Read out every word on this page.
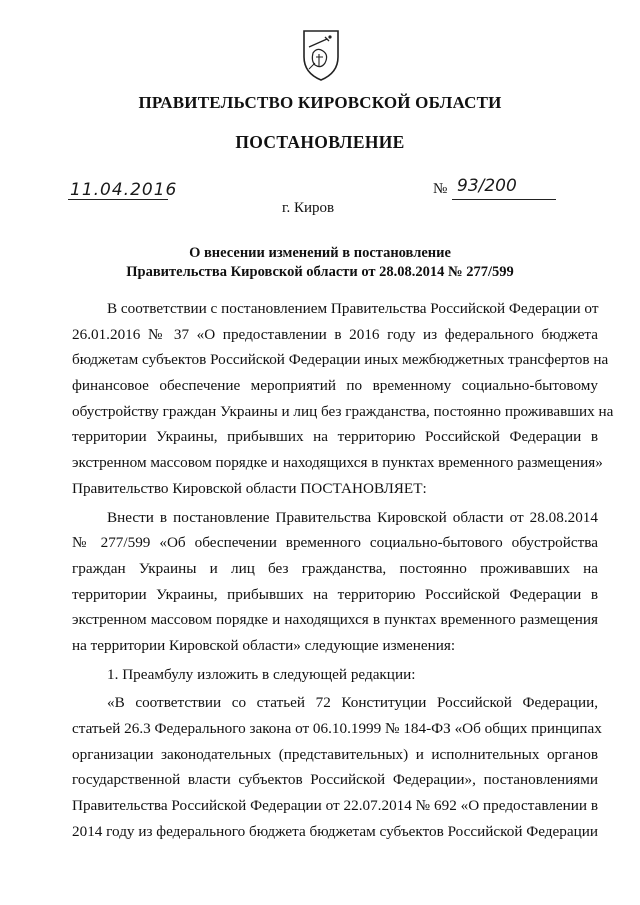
ПРАВИТЕЛЬСТВО КИРОВСКОЙ ОБЛАСТИ
ПОСТАНОВЛЕНИЕ
11.04.2016	№ 93/200
г. Киров
О внесении изменений в постановление
Правительства Кировской области от 28.08.2014 № 277/599
В соответствии с постановлением Правительства Российской Федерации от
26.01.2016 № 37 «О предоставлении в 2016 году из федерального бюджета
бюджетам субъектов Российской Федерации иных межбюджетных трансфертов на
финансовое обеспечение мероприятий по временному социально-бытовому
обустройству граждан Украины и лиц без гражданства, постоянно проживавших на
территории Украины, прибывших на территорию Российской Федерации в
экстренном массовом порядке и находящихся в пунктах временного размещения»
Правительство Кировской области ПОСТАНОВЛЯЕТ:
Внести в постановление Правительства Кировской области от 28.08.2014
№ 277/599 «Об обеспечении временного социально-бытового обустройства
граждан Украины и лиц без гражданства, постоянно проживавших на
территории Украины, прибывших на территорию Российской Федерации в
экстренном массовом порядке и находящихся в пунктах временного размещения
на территории Кировской области» следующие изменения:
1. Преамбулу изложить в следующей редакции:
«В соответствии со статьей 72 Конституции Российской Федерации,
статьей 26.3 Федерального закона от 06.10.1999 № 184-ФЗ «Об общих принципах
организации законодательных (представительных) и исполнительных органов
государственной власти субъектов Российской Федерации», постановлениями
Правительства Российской Федерации от 22.07.2014 № 692 «О предоставлении в
2014 году из федерального бюджета бюджетам субъектов Российской Федерации
